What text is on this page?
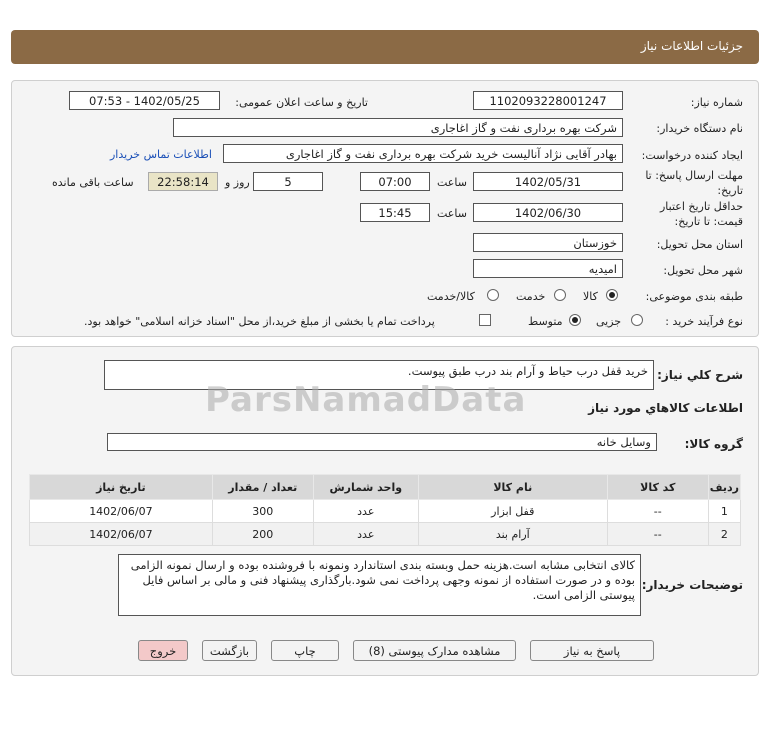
جزئیات اطلاعات نیاز
شماره نیاز:
1102093228001247
تاریخ و ساعت اعلان عمومی:
1402/05/25 - 07:53
نام دستگاه خریدار:
شرکت بهره برداری نفت و گاز اغاجاری
ایجاد کننده درخواست:
بهادر آقایی نژاد آنالیست خرید شرکت بهره برداری نفت و گاز اغاجاری
اطلاعات تماس خریدار
مهلت ارسال پاسخ: تا
تاریخ:
1402/05/31
ساعت
07:00
5
روز و
22:58:14
ساعت باقی مانده
حداقل تاریخ اعتبار
قیمت: تا تاریخ:
1402/06/30
ساعت
15:45
استان محل تحویل:
خوزستان
شهر محل تحویل:
امیدیه
طبقه بندی موضوعی:
کالا
خدمت
کالا/خدمت
نوع فرآیند خرید :
جزیی
متوسط
پرداخت تمام یا بخشی از مبلغ خرید،از محل "اسناد خزانه اسلامی" خواهد بود.
شرح کلي نياز:
خرید قفل درب حیاط و آرام بند درب طبق پیوست.
اطلاعات کالاهاي مورد نياز
گروه کالا:
وسایل خانه
ردیف	کد کالا	نام کالا	واحد شمارش	تعداد / مقدار	تاریخ نیاز
1	--	قفل ابزار	عدد	300	1402/06/07
2	--	آرام بند	عدد	200	1402/06/07
توضیحات خریدار:
کالای انتخابی مشابه است.هزینه حمل وبسته بندی استاندارد ونمونه با فروشنده بوده و ارسال نمونه الزامی بوده و در صورت استفاده از نمونه وجهی پرداخت نمی شود.بارگذاری پیشنهاد فنی و مالی بر اساس فایل پیوستی الزامی است.
ParsNamadData
پاسخ به نیاز
مشاهده مدارک پیوستی (8)
چاپ
بازگشت
خروج
